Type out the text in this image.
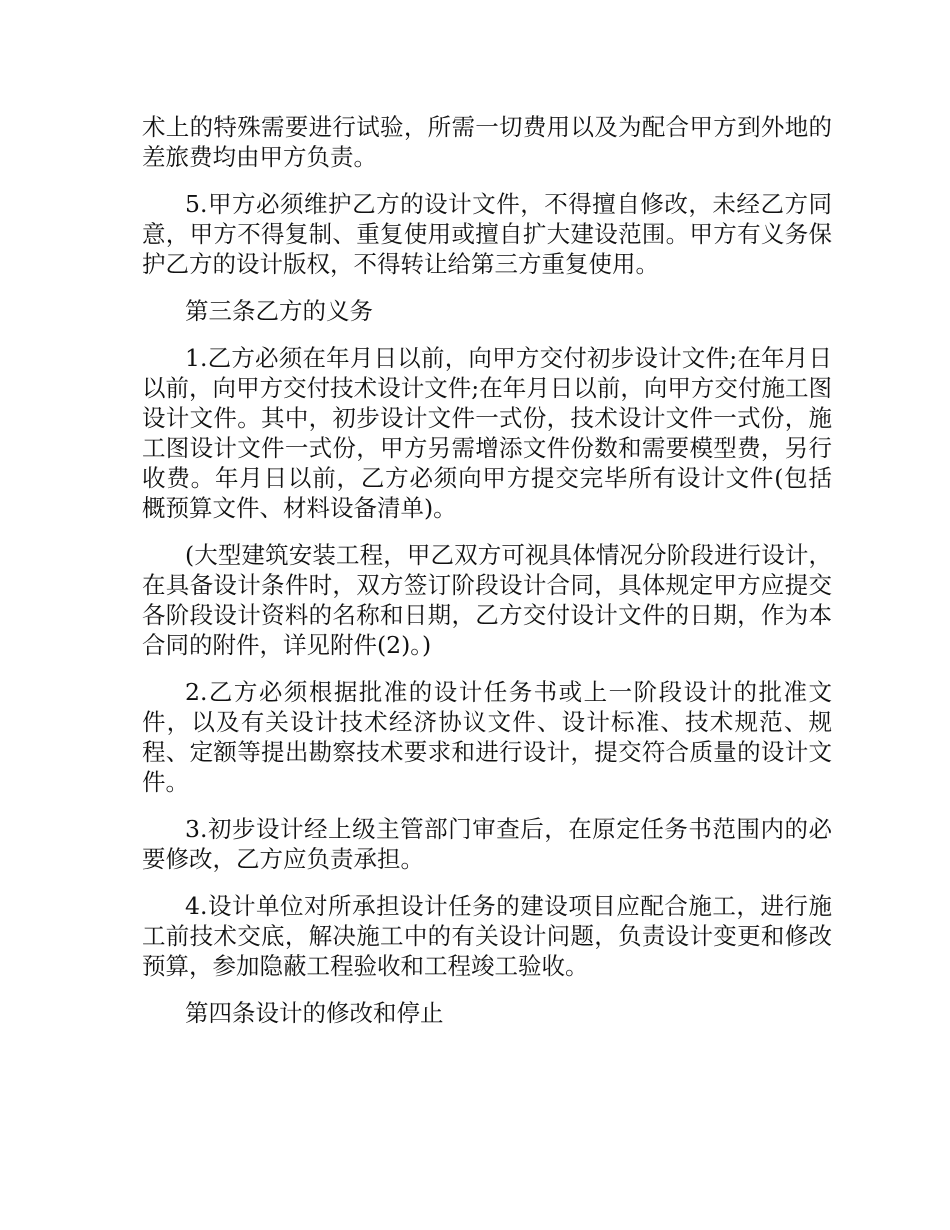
术上的特殊需要进行试验，所需一切费用以及为配合甲方到外地的差旅费均由甲方负责。

5.甲方必须维护乙方的设计文件，不得擅自修改，未经乙方同意，甲方不得复制、重复使用或擅自扩大建设范围。甲方有义务保护乙方的设计版权，不得转让给第三方重复使用。

第三条乙方的义务

1.乙方必须在年月日以前，向甲方交付初步设计文件;在年月日以前，向甲方交付技术设计文件;在年月日以前，向甲方交付施工图设计文件。其中，初步设计文件一式份，技术设计文件一式份，施工图设计文件一式份，甲方另需增添文件份数和需要模型费，另行收费。年月日以前，乙方必须向甲方提交完毕所有设计文件(包括概预算文件、材料设备清单)。

(大型建筑安装工程，甲乙双方可视具体情况分阶段进行设计，在具备设计条件时，双方签订阶段设计合同，具体规定甲方应提交各阶段设计资料的名称和日期，乙方交付设计文件的日期，作为本合同的附件，详见附件(2)。)

2.乙方必须根据批准的设计任务书或上一阶段设计的批准文件，以及有关设计技术经济协议文件、设计标准、技术规范、规程、定额等提出勘察技术要求和进行设计，提交符合质量的设计文件。

3.初步设计经上级主管部门审查后，在原定任务书范围内的必要修改，乙方应负责承担。

4.设计单位对所承担设计任务的建设项目应配合施工，进行施工前技术交底，解决施工中的有关设计问题，负责设计变更和修改预算，参加隐蔽工程验收和工程竣工验收。

第四条设计的修改和停止
